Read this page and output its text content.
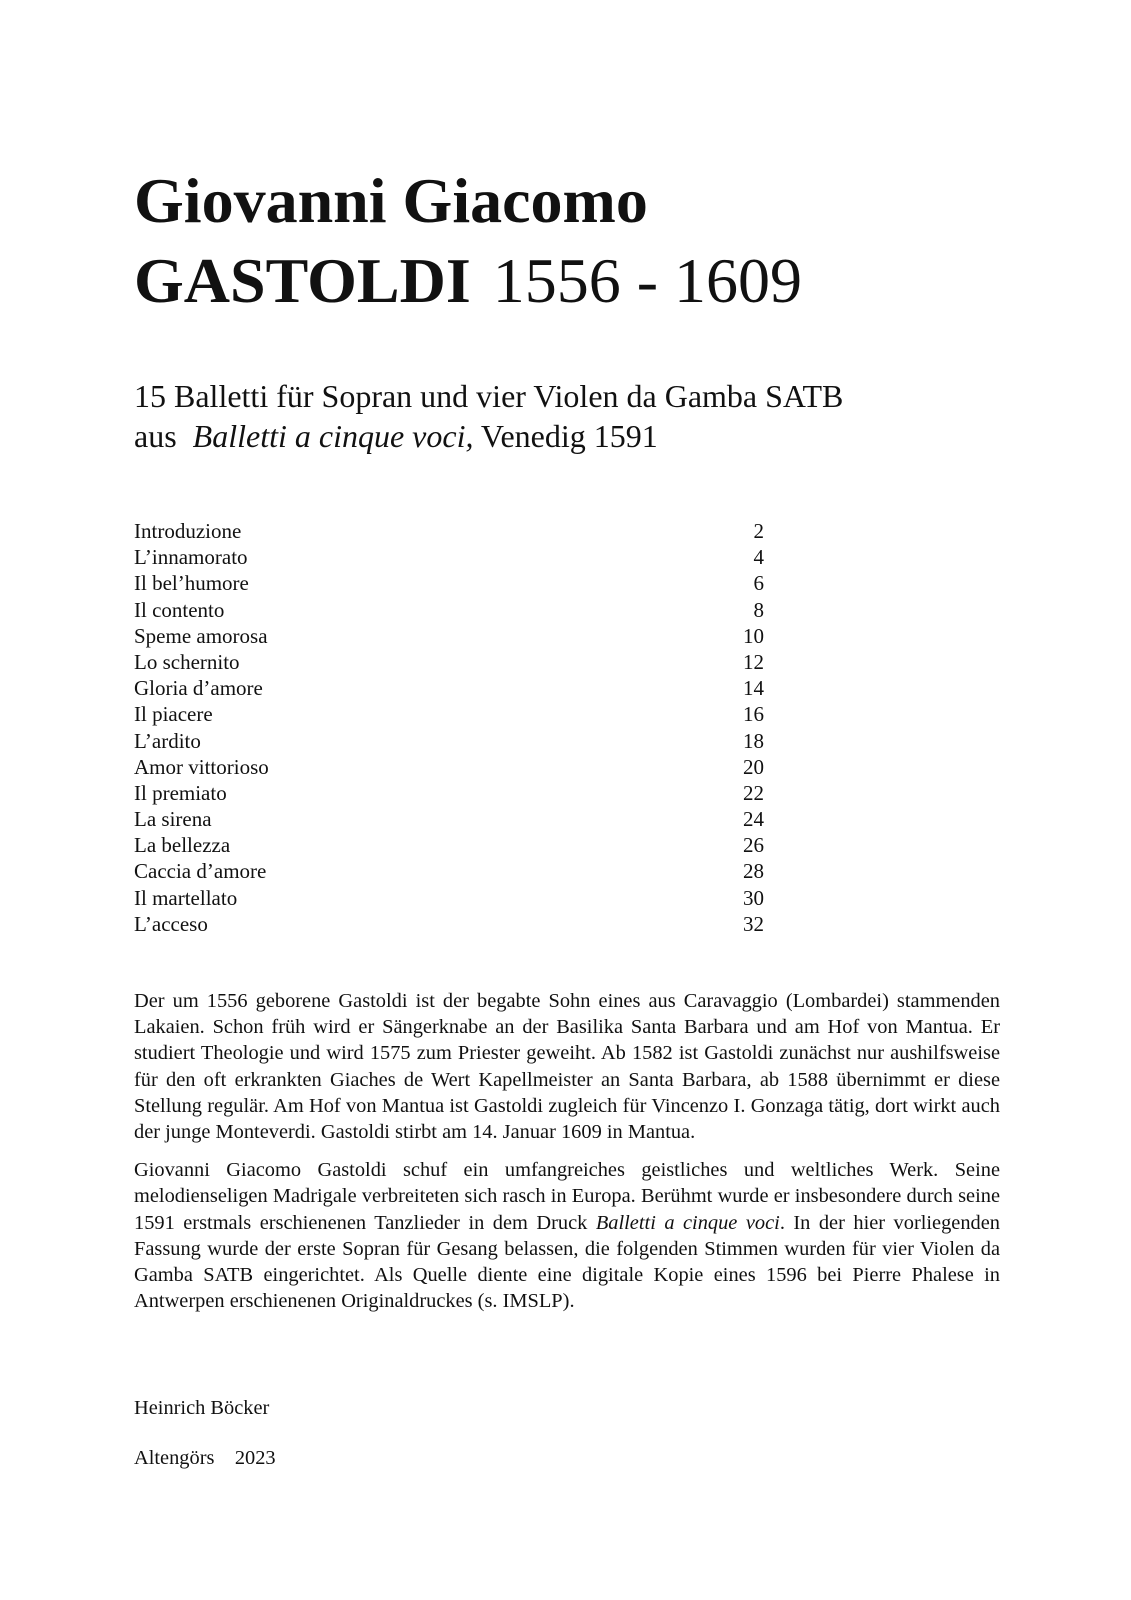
Giovanni Giacomo
GASTOLDI 1556 - 1609
15 Balletti für Sopran und vier Violen da Gamba SATB
aus Balletti a cinque voci, Venedig 1591
Introduzione	2
L’innamorato	4
Il bel’humore	6
Il contento	8
Speme amorosa	10
Lo schernito	12
Gloria d’amore	14
Il piacere	16
L’ardito	18
Amor vittorioso	20
Il premiato	22
La sirena	24
La bellezza	26
Caccia d’amore	28
Il martellato	30
L’acceso	32

Der um 1556 geborene Gastoldi ist der begabte Sohn eines aus Caravaggio (Lombardei) stammenden Lakaien. Schon früh wird er Sängerknabe an der Basilika Santa Barbara und am Hof von Mantua. Er studiert Theologie und wird 1575 zum Priester geweiht. Ab 1582 ist Gastoldi zunächst nur aushilfsweise für den oft erkrankten Giaches de Wert Kapellmeister an Santa Barbara, ab 1588 übernimmt er diese Stellung regulär. Am Hof von Mantua ist Gastoldi zugleich für Vincenzo I. Gonzaga tätig, dort wirkt auch der junge Monteverdi. Gastoldi stirbt am 14. Januar 1609 in Mantua.

Giovanni Giacomo Gastoldi schuf ein umfangreiches geistliches und weltliches Werk. Seine melodienseligen Madrigale verbreiteten sich rasch in Europa. Berühmt wurde er insbesondere durch seine 1591 erstmals erschienenen Tanzlieder in dem Druck Balletti a cinque voci. In der hier vorliegenden Fassung wurde der erste Sopran für Gesang belassen, die folgenden Stimmen wurden für vier Violen da Gamba SATB eingerichtet. Als Quelle diente eine digitale Kopie eines 1596 bei Pierre Phalese in Antwerpen erschienenen Originaldruckes (s. IMSLP).

Heinrich Böcker
Altengörs 2023
